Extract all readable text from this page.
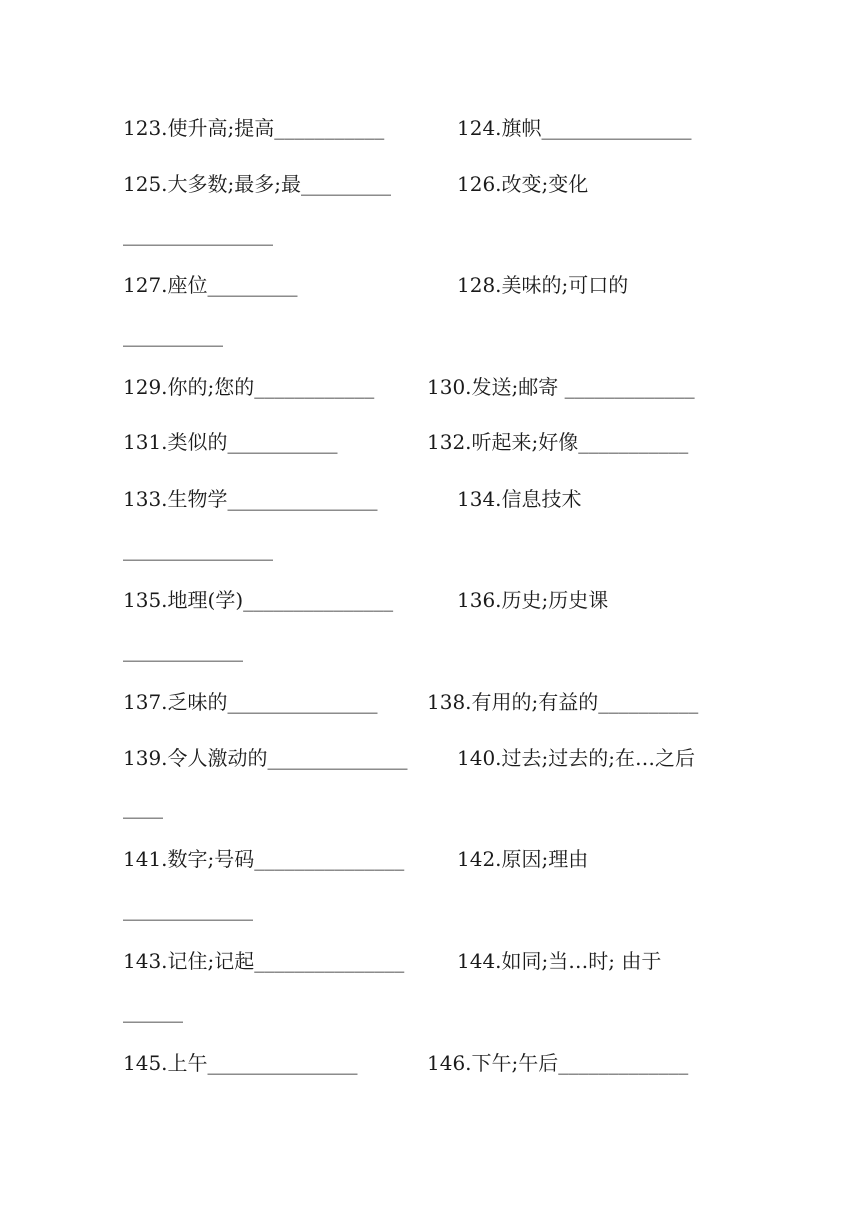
123.使升高;提高___________	124.旗帜_______________
125.大多数;最多;最_________	126.改变;变化
_______________
127.座位_________	128.美味的;可口的
__________
129.你的;您的____________	130.发送;邮寄 _____________
131.类似的___________	132.听起来;好像___________
133.生物学_______________	134.信息技术
_______________
135.地理(学)_______________	136.历史;历史课
____________
137.乏味的_______________ 138.有用的;有益的__________
139.令人激动的______________ 140.过去;过去的;在…之后
____
141.数字;号码_______________	142.原因;理由
_____________
143.记住;记起_______________	144.如同;当…时; 由于
______
145.上午_______________	146.下午;午后_____________
